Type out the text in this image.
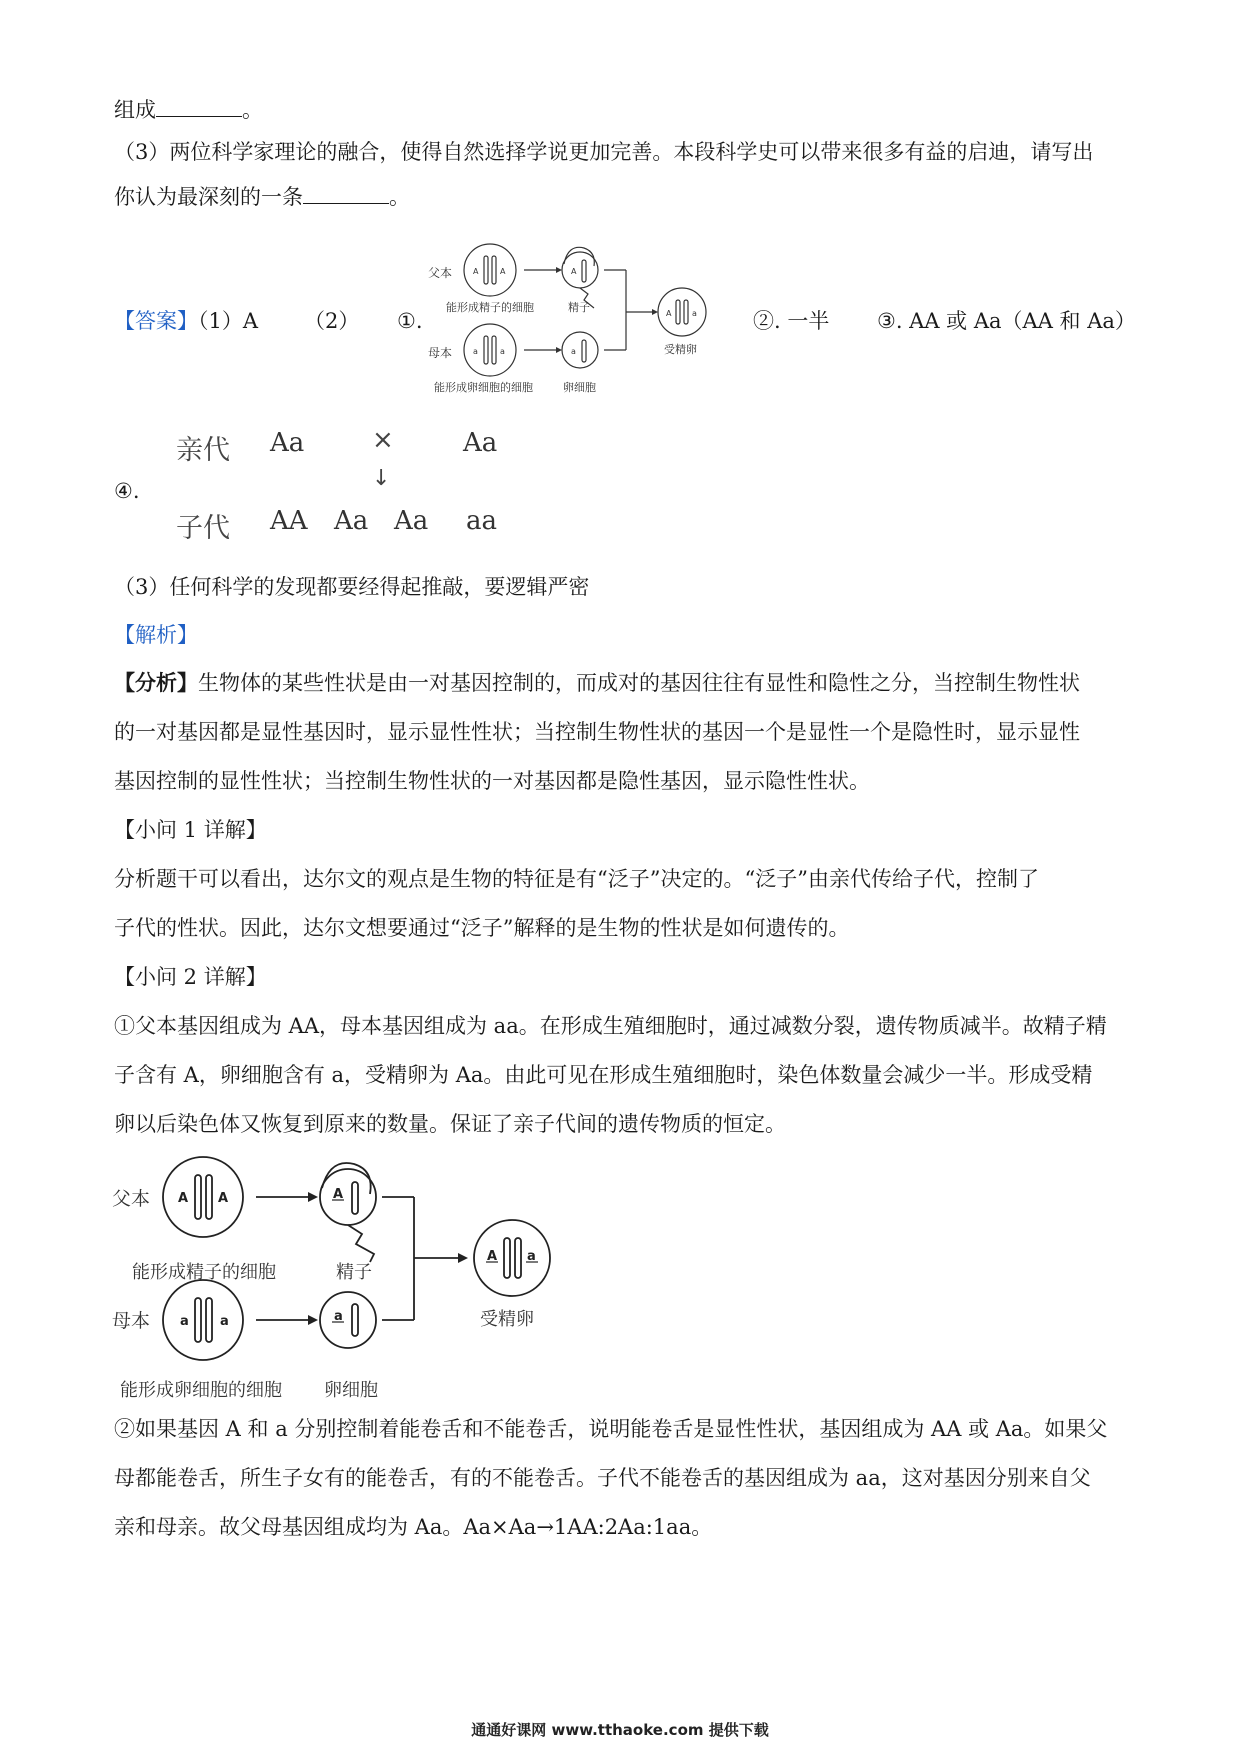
组成	。
（3）两位科学家理论的融合，使得自然选择学说更加完善。本段科学史可以带来很多有益的启迪，请写出
你认为最深刻的一条	。
【答案】（1）A	（2）	①.	②. 一半	③. AA 或 Aa（AA 和 Aa）
A	A
a	a
A
a
A	a
父本
母本
能形成精子的细胞	精子
能形成卵细胞的细胞	卵细胞
受精卵
④.
亲代 Aa	×	Aa
↓
子代 AA Aa Aa aa
（3）任何科学的发现都要经得起推敲，要逻辑严密
【解析】
【分析】生物体的某些性状是由一对基因控制的，而成对的基因往往有显性和隐性之分，当控制生物性状
的一对基因都是显性基因时，显示显性性状；当控制生物性状的基因一个是显性一个是隐性时，显示显性
基因控制的显性性状；当控制生物性状的一对基因都是隐性基因，显示隐性性状。
【小问 1 详解】
分析题干可以看出，达尔文的观点是生物的特征是有“泛子”决定的。“泛子”由亲代传给子代，控制了
子代的性状。因此，达尔文想要通过“泛子”解释的是生物的性状是如何遗传的。
【小问 2 详解】
①父本基因组成为 AA，母本基因组成为 aa。在形成生殖细胞时，通过减数分裂，遗传物质减半。故精子精
子含有 A，卵细胞含有 a，受精卵为 Aa。由此可见在形成生殖细胞时，染色体数量会减少一半。形成受精
卵以后染色体又恢复到原来的数量。保证了亲子代间的遗传物质的恒定。
A A
a a
A
a
A a
父本
母本
能形成精子的细胞	精子
能形成卵细胞的细胞 卵细胞
受精卵
②如果基因 A 和 a 分别控制着能卷舌和不能卷舌，说明能卷舌是显性性状，基因组成为 AA 或 Aa。如果父
母都能卷舌，所生子女有的能卷舌，有的不能卷舌。子代不能卷舌的基因组成为 aa，这对基因分别来自父
亲和母亲。故父母基因组成均为 Aa。Aa×Aa→1AA:2Aa:1aa。
通通好课网 www.tthaoke.com 提供下载
